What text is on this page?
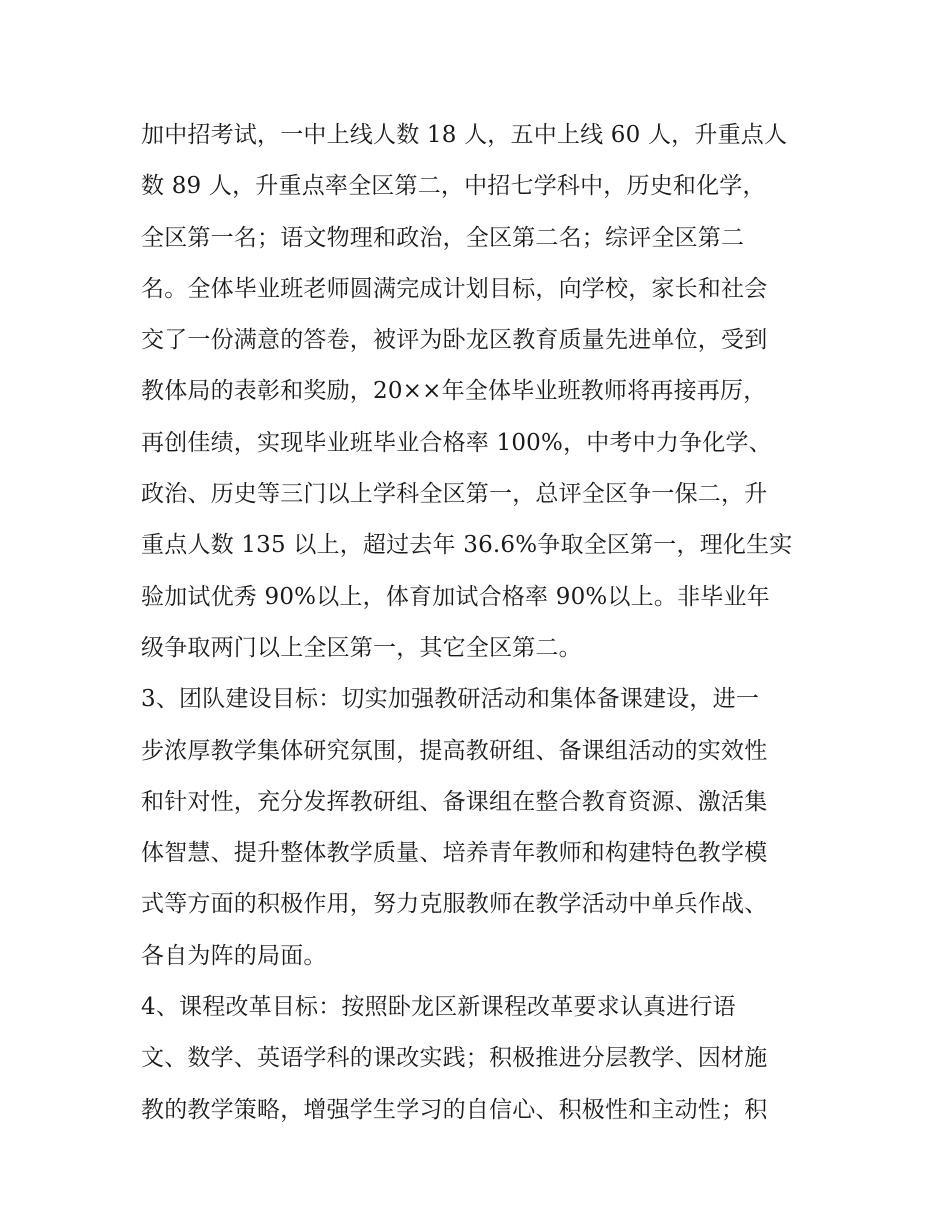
加中招考试，一中上线人数 18 人，五中上线 60 人，升重点人
数 89 人，升重点率全区第二，中招七学科中，历史和化学，
全区第一名；语文物理和政治，全区第二名；综评全区第二
名。全体毕业班老师圆满完成计划目标，向学校，家长和社会
交了一份满意的答卷，被评为卧龙区教育质量先进单位，受到
教体局的表彰和奖励，20××年全体毕业班教师将再接再厉，
再创佳绩，实现毕业班毕业合格率 100%，中考中力争化学、
政治、历史等三门以上学科全区第一，总评全区争一保二，升
重点人数 135 以上，超过去年 36.6%争取全区第一，理化生实
验加试优秀 90%以上，体育加试合格率 90%以上。非毕业年
级争取两门以上全区第一，其它全区第二。
3、团队建设目标：切实加强教研活动和集体备课建设，进一
步浓厚教学集体研究氛围，提高教研组、备课组活动的实效性
和针对性，充分发挥教研组、备课组在整合教育资源、激活集
体智慧、提升整体教学质量、培养青年教师和构建特色教学模
式等方面的积极作用，努力克服教师在教学活动中单兵作战、
各自为阵的局面。
4、课程改革目标：按照卧龙区新课程改革要求认真进行语
文、数学、英语学科的课改实践；积极推进分层教学、因材施
教的教学策略，增强学生学习的自信心、积极性和主动性；积
